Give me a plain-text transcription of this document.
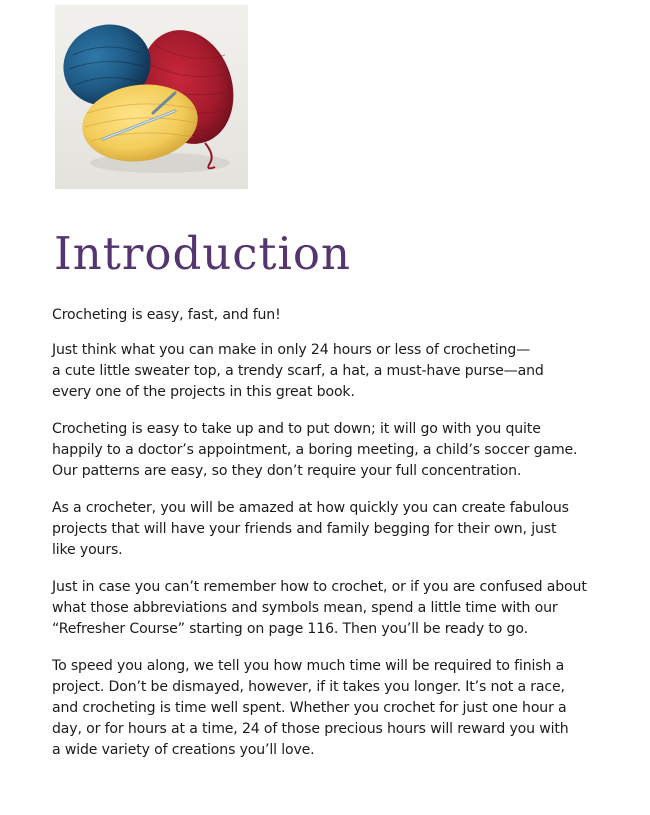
Introduction

Crocheting is easy, fast, and fun!

Just think what you can make in only 24 hours or less of crocheting—
a cute little sweater top, a trendy scarf, a hat, a must-have purse—and
every one of the projects in this great book.

Crocheting is easy to take up and to put down; it will go with you quite
happily to a doctor’s appointment, a boring meeting, a child’s soccer game.
Our patterns are easy, so they don’t require your full concentration.

As a crocheter, you will be amazed at how quickly you can create fabulous
projects that will have your friends and family begging for their own, just
like yours.

Just in case you can’t remember how to crochet, or if you are confused about
what those abbreviations and symbols mean, spend a little time with our
“Refresher Course” starting on page 116. Then you’ll be ready to go.

To speed you along, we tell you how much time will be required to finish a
project. Don’t be dismayed, however, if it takes you longer. It’s not a race,
and crocheting is time well spent. Whether you crochet for just one hour a
day, or for hours at a time, 24 of those precious hours will reward you with
a wide variety of creations you’ll love.
